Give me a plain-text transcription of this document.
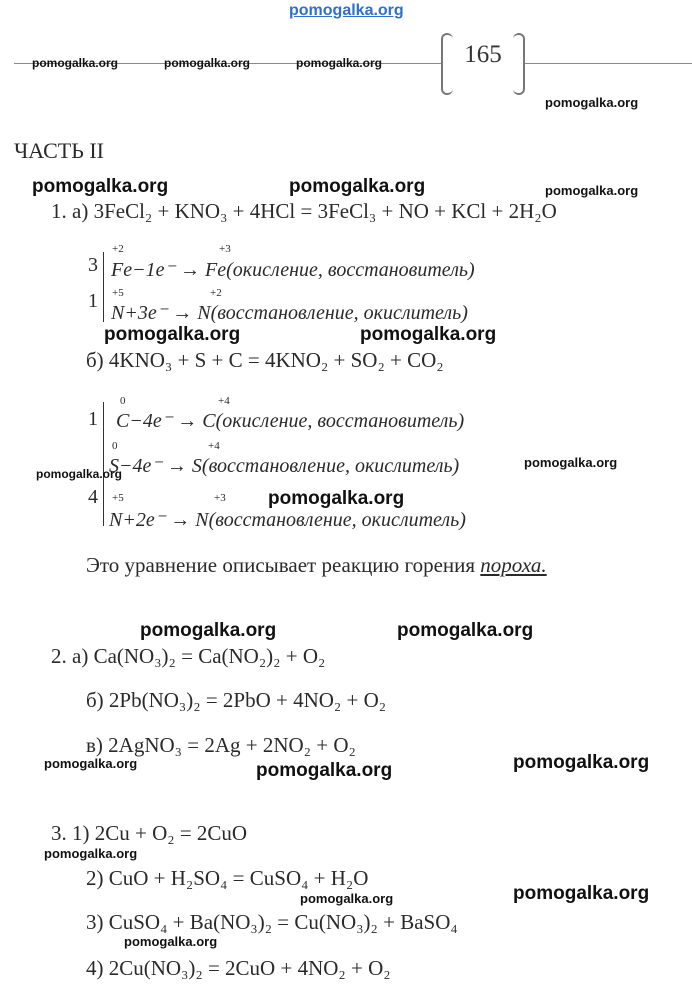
pomogalka.org
pomogalka.org	pomogalka.org	pomogalka.org	165
pomogalka.org
ЧАСТЬ II
pomogalka.org	pomogalka.org	pomogalka.org
1. а) 3FeCl₂ + KNO₃ + 4HCl = 3FeCl₃ + NO + KCl + 2H₂O
3
1
+2	+3
Fe−1e⁻ → Fe(окисление, восстановитель)
+5	+2
N+3e⁻ → N(восстановление, окислитель)
pomogalka.org	pomogalka.org
б) 4KNO₃ + S + C = 4KNO₂ + SO₂ + CO₂
1
4
0	+4
C−4e⁻ → C(окисление, восстановитель)
0	+4
S−4e⁻ → S(восстановление, окислитель)
+5	+3
N+2e⁻ → N(восстановление, окислитель)
pomogalka.org
pomogalka.org
pomogalka.org
Это уравнение описывает реакцию горения пороха.
pomogalka.org	pomogalka.org
2. а) Ca(NO₃)₂ = Ca(NO₂)₂ + O₂
б) 2Pb(NO₃)₂ = 2PbO + 4NO₂ + O₂
в) 2AgNO₃ = 2Ag + 2NO₂ + O₂
pomogalka.org	pomogalka.org	pomogalka.org
3. 1) 2Cu + O₂ = 2CuO
pomogalka.org
2) CuO + H₂SO₄ = CuSO₄ + H₂O
pomogalka.org	pomogalka.org
3) CuSO₄ + Ba(NO₃)₂ = Cu(NO₃)₂ + BaSO₄
pomogalka.org
4) 2Cu(NO₃)₂ = 2CuO + 4NO₂ + O₂
